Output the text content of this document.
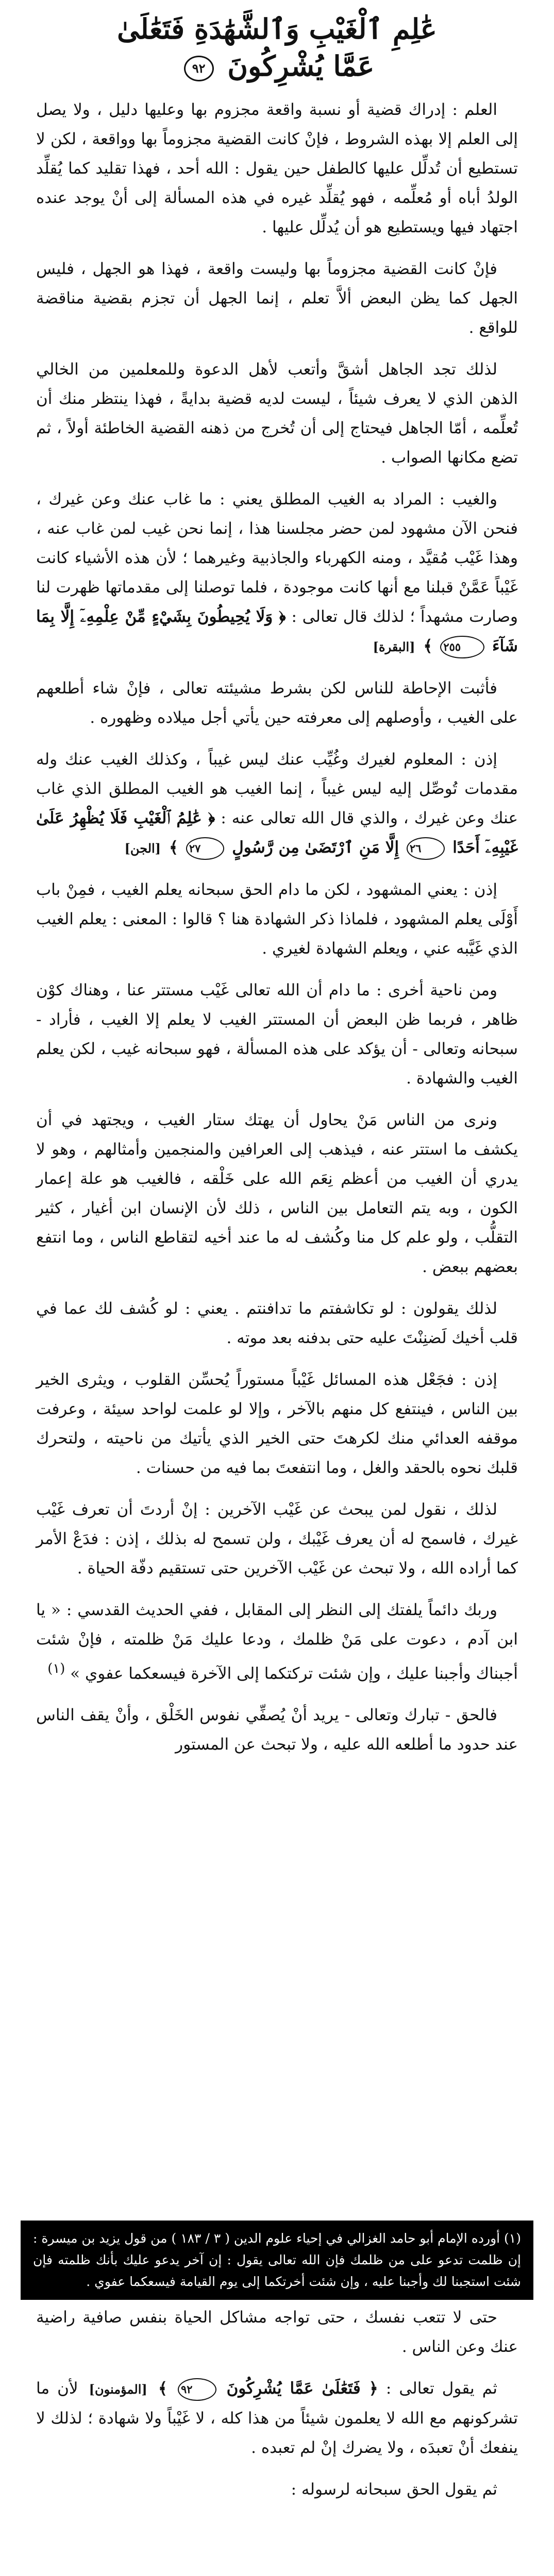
عَٰلِمِ ٱلْغَيْبِ وَٱلشَّهَٰدَةِ فَتَعَٰلَىٰ
عَمَّا يُشْرِكُونَ ٩٢

العلم : إدراك قضية أو نسبة واقعة مجزوم بها وعليها دليل ، ولا يصل إلى العلم إلا بهذه الشروط ، فإنْ كانت القضية مجزوماً بها وواقعة ، لكن لا تستطيع أن تُدلِّل عليها كالطفل حين يقول : الله أحد ، فهذا تقليد كما يُقلِّد الولدُ أباه أو مُعلِّمه ، فهو يُقلِّد غيره في هذه المسألة إلى أنْ يوجد عنده اجتهاد فيها ويستطيع هو أن يُدلِّل عليها .

فإنْ كانت القضية مجزوماً بها وليست واقعة ، فهذا هو الجهل ، فليس الجهل كما يظن البعض ألاَّ تعلم ، إنما الجهل أن تجزم بقضية مناقضة للواقع .

لذلك تجد الجاهل أشقَّ وأتعب لأهل الدعوة وللمعلمين من الخالي الذهن الذي لا يعرف شيئاً ، ليست لديه قضية بدايةً ، فهذا ينتظر منك أن تُعلِّمه ، أمّا الجاهل فيحتاج إلى أن تُخرج من ذهنه القضية الخاطئة أولاً ، ثم تضع مكانها الصواب .

والغيب : المراد به الغيب المطلق يعني : ما غاب عنك وعن غيرك ، فنحن الآن مشهود لمن حضر مجلسنا هذا ، إنما نحن غيب لمن غاب عنه ، وهذا غَيْب مُقيَّد ، ومنه الكهرباء والجاذبية وغيرهما ؛ لأن هذه الأشياء كانت غَيْباً عَمَّنْ قبلنا مع أنها كانت موجودة ، فلما توصلنا إلى مقدماتها ظهرت لنا وصارت مشهداً ؛ لذلك قال تعالى : ﴿ وَلَا يُحِيطُونَ بِشَيْءٍ مِّنْ عِلْمِهِۦٓ إِلَّا بِمَا شَآءَ ٢٥٥ ﴾ [البقرة]

فأثبت الإحاطة للناس لكن بشرط مشيئته تعالى ، فإنْ شاء أطلعهم على الغيب ، وأوصلهم إلى معرفته حين يأتي أجل ميلاده وظهوره .

إذن : المعلوم لغيرك وغُيِّب عنك ليس غيباً ، وكذلك الغيب عنك وله مقدمات تُوصِّل إليه ليس غيباً ، إنما الغيب هو الغيب المطلق الذي غاب عنك وعن غيرك ، والذي قال الله تعالى عنه : ﴿ عَٰلِمُ ٱلْغَيْبِ فَلَا يُظْهِرُ عَلَىٰ غَيْبِهِۦٓ أَحَدًا ٢٦ إِلَّا مَنِ ٱرْتَضَىٰ مِن رَّسُولٍ ٢٧ ﴾ [الجن]

إذن : يعني المشهود ، لكن ما دام الحق سبحانه يعلم الغيب ، فمِنْ باب أَوْلَى يعلم المشهود ، فلماذا ذكر الشهادة هنا ؟ قالوا : المعنى : يعلم الغيب الذي غَيَّبه عني ، ويعلم الشهادة لغيري .

ومن ناحية أخرى : ما دام أن الله تعالى غَيْب مستتر عنا ، وهناك كوْن ظاهر ، فربما ظن البعض أن المستتر الغيب لا يعلم إلا الغيب ، فأراد - سبحانه وتعالى - أن يؤكد على هذه المسألة ، فهو سبحانه غيب ، لكن يعلم الغيب والشهادة .

ونرى من الناس مَنْ يحاول أن يهتك ستار الغيب ، ويجتهد في أن يكشف ما استتر عنه ، فيذهب إلى العرافين والمنجمين وأمثالهم ، وهو لا يدري أن الغيب من أعظم نِعَم الله على خَلْقه ، فالغيب هو علة إعمار الكون ، وبه يتم التعامل بين الناس ، ذلك لأن الإنسان ابن أغيار ، كثير التقلُّب ، ولو علم كل منا وكُشف له ما عند أخيه لتقاطع الناس ، وما انتفع بعضهم ببعض .

لذلك يقولون : لو تكاشفتم ما تدافنتم . يعني : لو كُشف لك عما في قلب أخيك لَضنِنْتَ عليه حتى بدفنه بعد موته .

إذن : فجَعْل هذه المسائل غَيْباً مستوراً يُحسِّن القلوب ، ويثرى الخير بين الناس ، فينتفع كل منهم بالآخر ، وإلا لو علمت لواحد سيئة ، وعرفت موقفه العدائي منك لكرهتَ حتى الخير الذي يأتيك من ناحيته ، ولتحرك قلبك نحوه بالحقد والغل ، وما انتفعتَ بما فيه من حسنات .

لذلك ، نقول لمن يبحث عن غَيْب الآخرين : إنْ أردتَ أن تعرف غَيْب غيرك ، فاسمح له أن يعرف غَيْبك ، ولن تسمح له بذلك ، إذن : فدَعْ الأمر كما أراده الله ، ولا تبحث عن غَيْب الآخرين حتى تستقيم دفّة الحياة .

وربك دائماً يلفتك إلى النظر إلى المقابل ، ففي الحديث القدسي : « يا ابن آدم ، دعوت على مَنْ ظلمك ، ودعا عليك مَنْ ظلمته ، فإنْ شئت أجبناك وأجبنا عليك ، وإن شئت تركتكما إلى الآخرة فيسعكما عفوي » $^{(١)}$

فالحق - تبارك وتعالى - يريد أنْ يُصفِّي نفوس الخَلْق ، وأنْ يقف الناس عند حدود ما أطلعه الله عليه ، ولا تبحث عن المستور

(١) أورده الإمام أبو حامد الغزالي في إحياء علوم الدين ( ٣ / ١٨٣ ) من قول يزيد بن ميسرة : إن ظلمت تدعو على من ظلمك فإن الله تعالى يقول : إن آخر يدعو عليك بأنك ظلمته فإن شئت استجبنا لك وأجبنا عليه ، وإن شئت أخرتكما إلى يوم القيامة فيسعكما عفوي .

حتى لا تتعب نفسك ، حتى تواجه مشاكل الحياة بنفس صافية راضية عنك وعن الناس .

ثم يقول تعالى : ﴿ فَتَعَٰلَىٰ عَمَّا يُشْرِكُونَ ٩٢ ﴾ [المؤمنون] لأن ما تشركونهم مع الله لا يعلمون شيئاً من هذا كله ، لا غَيْباً ولا شهادة ؛ لذلك لا ينفعك أنْ تعبدَه ، ولا يضرك إنْ لم تعبده .

ثم يقول الحق سبحانه لرسوله :
